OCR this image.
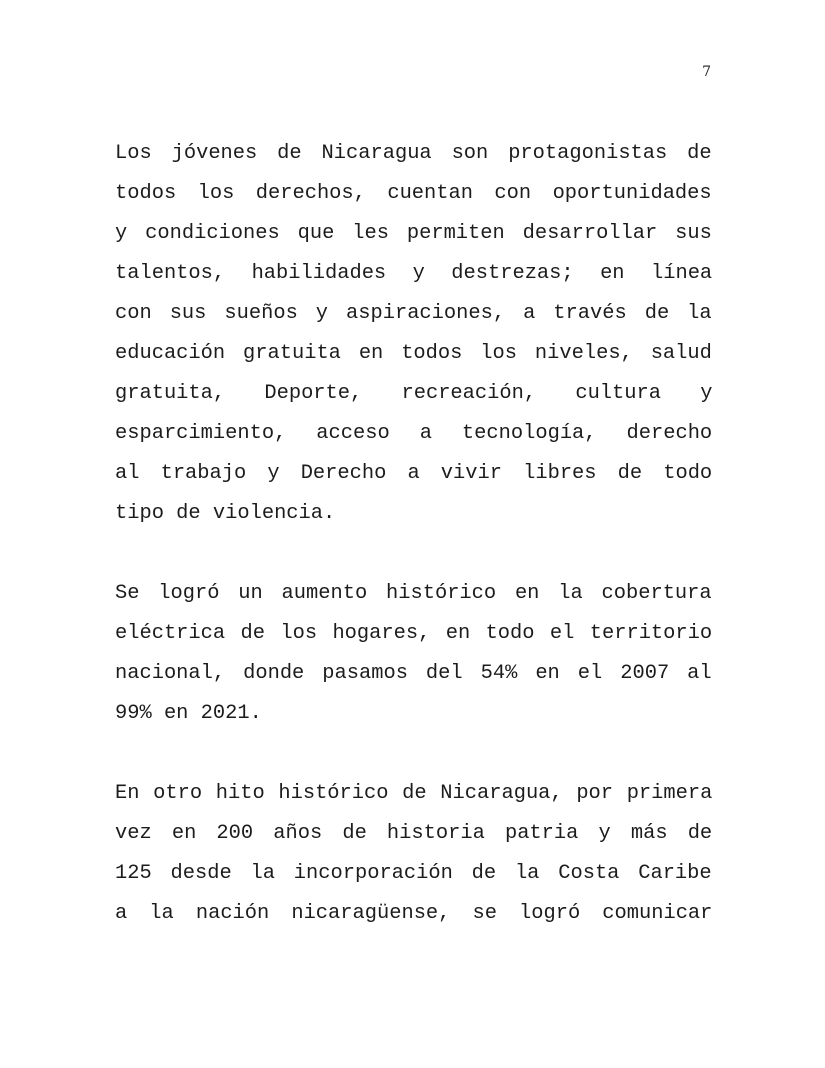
7
Los jóvenes de Nicaragua son protagonistas de
todos los derechos, cuentan con oportunidades
y condiciones que les permiten desarrollar sus
talentos, habilidades y destrezas; en línea
con sus sueños y aspiraciones, a través de la
educación gratuita en todos los niveles, salud
gratuita, Deporte, recreación, cultura y
esparcimiento, acceso a tecnología, derecho
al trabajo y Derecho a vivir libres de todo
tipo de violencia.
Se logró un aumento histórico en la cobertura
eléctrica de los hogares, en todo el territorio
nacional, donde pasamos del 54% en el 2007 al
99% en 2021.
En otro hito histórico de Nicaragua, por primera
vez en 200 años de historia patria y más de
125 desde la incorporación de la Costa Caribe
a la nación nicaragüense, se logró comunicar
